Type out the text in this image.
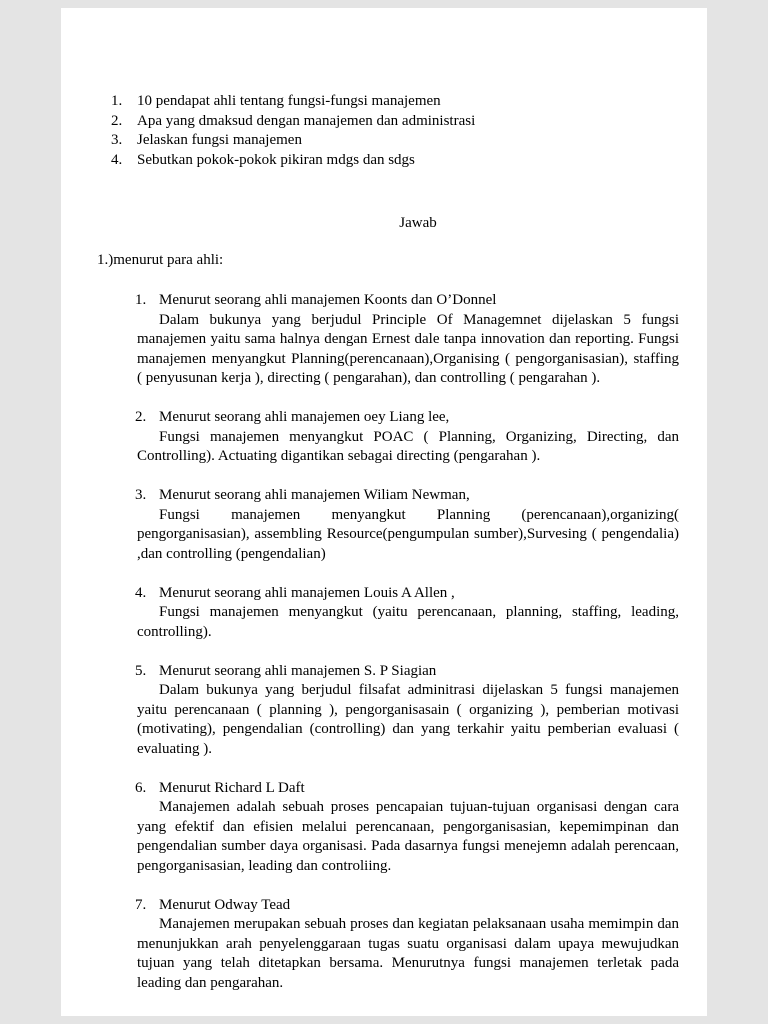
1. 10 pendapat ahli tentang fungsi-fungsi manajemen
2. Apa yang dmaksud dengan manajemen dan administrasi
3. Jelaskan fungsi manajemen
4. Sebutkan pokok-pokok pikiran mdgs dan sdgs
Jawab
1.)menurut para ahli:
1. Menurut seorang ahli manajemen Koonts dan O’Donnel
Dalam bukunya yang berjudul Principle Of Managemnet dijelaskan 5 fungsi manajemen yaitu sama halnya dengan Ernest dale tanpa innovation dan reporting. Fungsi manajemen menyangkut Planning(perencanaan),Organising ( pengorganisasian), staffing ( penyusunan kerja ), directing ( pengarahan), dan controlling ( pengarahan ).
2. Menurut seorang ahli manajemen oey Liang lee,
Fungsi manajemen menyangkut POAC ( Planning, Organizing, Directing, dan Controlling). Actuating digantikan sebagai directing (pengarahan ).
3. Menurut seorang ahli manajemen Wiliam Newman,
Fungsi manajemen menyangkut Planning (perencanaan),organizing( pengorganisasian), assembling Resource(pengumpulan sumber),Survesing ( pengendalia) ,dan controlling (pengendalian)
4. Menurut seorang ahli manajemen Louis A Allen ,
Fungsi manajemen menyangkut (yaitu perencanaan, planning, staffing, leading, controlling).
5. Menurut seorang ahli manajemen S. P Siagian
Dalam bukunya yang berjudul filsafat adminitrasi dijelaskan 5 fungsi manajemen yaitu perencanaan ( planning ), pengorganisasain ( organizing ), pemberian motivasi (motivating), pengendalian (controlling) dan yang terkahir yaitu pemberian evaluasi ( evaluating ).
6. Menurut Richard L Daft
Manajemen adalah sebuah proses pencapaian tujuan-tujuan organisasi dengan cara yang efektif dan efisien melalui perencanaan, pengorganisasian, kepemimpinan dan pengendalian sumber daya organisasi. Pada dasarnya fungsi menejemn adalah perencaan, pengorganisasian, leading dan controliing.
7. Menurut Odway Tead
Manajemen merupakan sebuah proses dan kegiatan pelaksanaan usaha memimpin dan menunjukkan arah penyelenggaraan tugas suatu organisasi dalam upaya mewujudkan tujuan yang telah ditetapkan bersama. Menurutnya fungsi manajemen terletak pada leading dan pengarahan.
